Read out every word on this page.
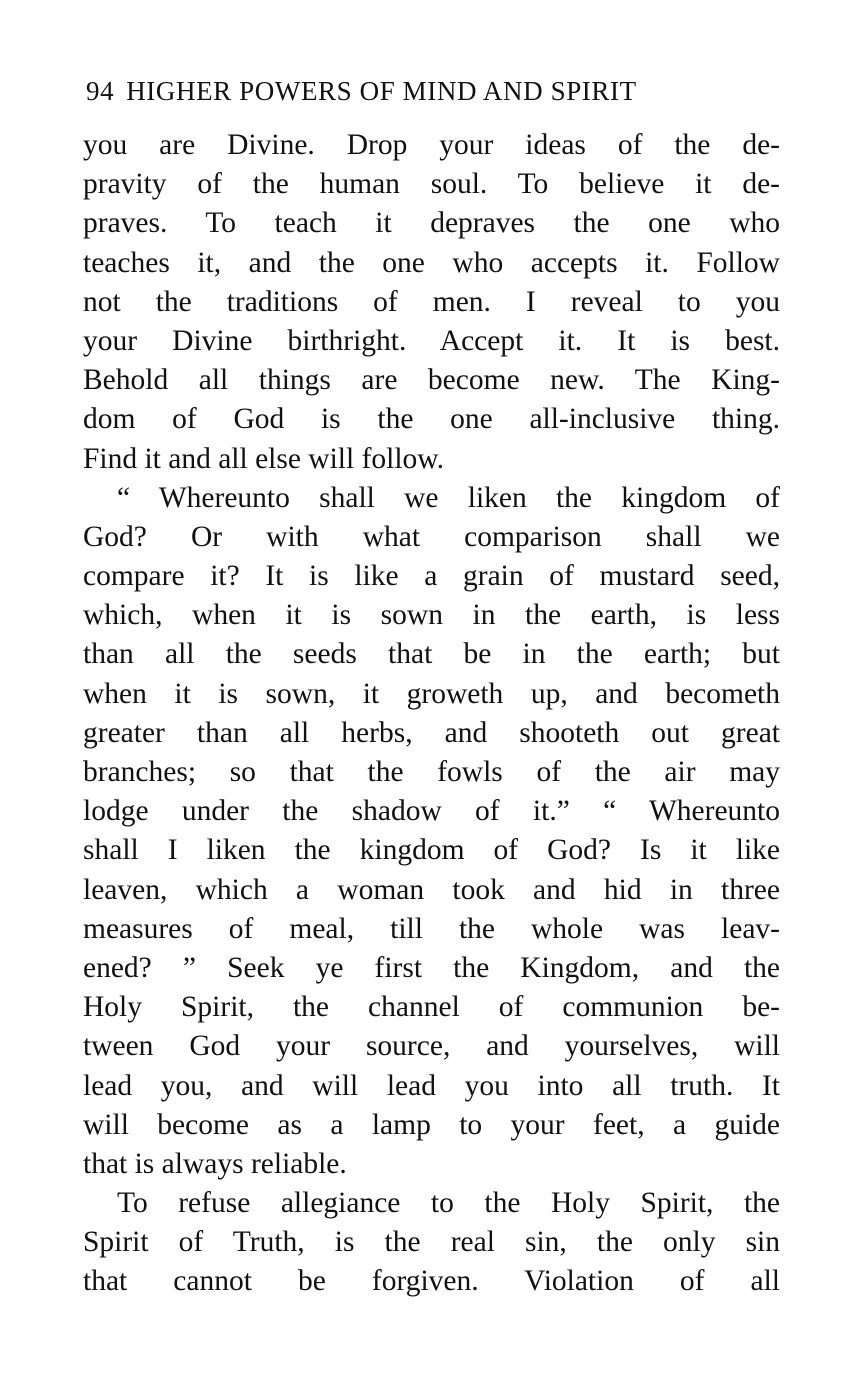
94 HIGHER POWERS OF MIND AND SPIRIT
you are Divine. Drop your ideas of the de-
pravity of the human soul. To believe it de-
praves. To teach it depraves the one who
teaches it, and the one who accepts it. Follow
not the traditions of men. I reveal to you
your Divine birthright. Accept it. It is best.
Behold all things are become new. The King-
dom of God is the one all-inclusive thing.
Find it and all else will follow.
“ Whereunto shall we liken the kingdom of
God? Or with what comparison shall we
compare it? It is like a grain of mustard seed,
which, when it is sown in the earth, is less
than all the seeds that be in the earth; but
when it is sown, it groweth up, and becometh
greater than all herbs, and shooteth out great
branches; so that the fowls of the air may
lodge under the shadow of it.” “ Whereunto
shall I liken the kingdom of God? Is it like
leaven, which a woman took and hid in three
measures of meal, till the whole was leav-
ened? ” Seek ye first the Kingdom, and the
Holy Spirit, the channel of communion be-
tween God your source, and yourselves, will
lead you, and will lead you into all truth. It
will become as a lamp to your feet, a guide
that is always reliable.
To refuse allegiance to the Holy Spirit, the
Spirit of Truth, is the real sin, the only sin
that cannot be forgiven. Violation of all
